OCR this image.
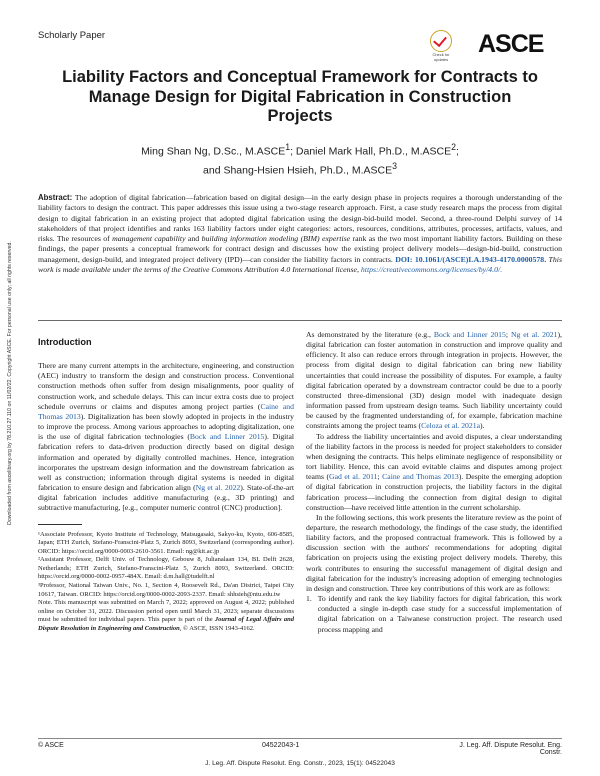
Downloaded from ascelibrary.org by 78.210.27.110 on 11/02/22. Copyright ASCE. For personal use only; all rights reserved.
Scholarly Paper
Check for
updates
ASCE
Liability Factors and Conceptual Framework for Contracts to Manage Design for Digital Fabrication in Construction Projects
Ming Shan Ng, D.Sc., M.ASCE$^1$; Daniel Mark Hall, Ph.D., M.ASCE$^2$;
and Shang-Hsien Hsieh, Ph.D., M.ASCE$^3$
Abstract: The adoption of digital fabrication—fabrication based on digital design—in the early design phase in projects requires a thorough understanding of the liability factors to design the contract. This paper addresses this issue using a two-stage research approach. First, a case study research maps the process from digital design to digital fabrication in an existing project that adopted digital fabrication using the design-bid-build model. Second, a three-round Delphi survey of 14 stakeholders of that project identifies and ranks 163 liability factors under eight categories: actors, resources, conditions, attributes, processes, artifacts, values, and risks. The resources of management capability and building information modeling (BIM) expertise rank as the two most important liability factors. Building on these findings, the paper presents a conceptual framework for contract design and discusses how the existing project delivery models—design-bid-build, construction management, design-build, and integrated project delivery (IPD)—can consider the liability factors in contracts. DOI: 10.1061/(ASCE)LA.1943-4170.0000578. This work is made available under the terms of the Creative Commons Attribution 4.0 International license, https://creativecommons.org/licenses/by/4.0/.
Introduction

There are many current attempts in the architecture, engineering, and construction (AEC) industry to transform the design and construction process. Conventional construction methods often suffer from design misalignments, poor quality of construction work, and schedule delays. This can incur extra costs due to project schedule overruns or claims and disputes among project parties (Caine and Thomas 2013). Digitalization has been slowly adopted in projects in the industry to improve the process. Among various approaches to adopting digitalization, one is the use of digital fabrication technologies (Bock and Linner 2015). Digital fabrication refers to data-driven production directly based on digital design information and operated by digitally controlled machines. Hence, integration incorporates the upstream design information and the downstream fabrication as well as construction; information through digital systems is needed in digital fabrication to ensure design and fabrication align (Ng et al. 2022). State-of-the-art digital fabrication includes additive manufacturing (e.g., 3D printing) and subtractive manufacturing, [e.g., computer numeric control (CNC) production].

¹Associate Professor, Kyoto Institute of Technology, Matsugasaki, Sakyo-ku, Kyoto, 606-8585, Japan; ETH Zurich, Stefano-Franscini-Platz 5, Zurich 8093, Switzerland (corresponding author). ORCID: https://orcid.org/0000-0003-2610-3561. Email: ng@kit.ac.jp

²Assistant Professor, Delft Univ. of Technology, Gebouw 8, Julianalaan 134, BL Delft 2628, Netherlands; ETH Zurich, Stefano-Franscini-Platz 5, Zurich 8093, Switzerland. ORCID: https://orcid.org/0000-0002-0957-484X. Email: d.m.hall@tudelft.nl

³Professor, National Taiwan Univ., No. 1, Section 4, Roosevelt Rd., Da'an District, Taipei City 10617, Taiwan. ORCID: https://orcid.org/0000-0002-2093-2337. Email: shhsieh@ntu.edu.tw

Note. This manuscript was submitted on March 7, 2022; approved on August 4, 2022; published online on October 31, 2022. Discussion period open until March 31, 2023; separate discussions must be submitted for individual papers. This paper is part of the Journal of Legal Affairs and Dispute Resolution in Engineering and Construction, © ASCE, ISSN 1943-4162.

As demonstrated by the literature (e.g., Bock and Linner 2015; Ng et al. 2021), digital fabrication can foster automation in construction and improve quality and efficiency. It also can reduce errors through integration in projects. However, the process from digital design to digital fabrication can bring new liability uncertainties that could increase the possibility of disputes. For example, a faulty digital fabrication operated by a downstream contractor could be due to a poorly constructed three-dimensional (3D) design model with inadequate design information passed from upstream design teams. Such liability uncertainty could be caused by the fragmented understanding of, for example, fabrication machine constraints among the project teams (Celoza et al. 2021a).

To address the liability uncertainties and avoid disputes, a clear understanding of the liability factors in the process is needed for project stakeholders to consider when designing the contracts. This helps eliminate negligence of responsibility or tort liability. Hence, this can avoid evitable claims and disputes among project teams (Gad et al. 2011; Caine and Thomas 2013). Despite the emerging adoption of digital fabrication in construction projects, the liability factors in the digital fabrication process—including the connection from digital design to digital construction—have received little attention in the current scholarship.

In the following sections, this work presents the literature review as the point of departure, the research methodology, the findings of the case study, the identified liability factors, and the proposed contractual framework. This is followed by a discussion section with the authors' recommendations for adopting digital fabrication on projects using the existing project delivery models. Thereby, this work contributes to ensuring the successful management of digital design and digital fabrication for the industry's increasing adoption of emerging technologies in design and construction. Three key contributions of this work are as follows:

1. To identify and rank the key liability factors for digital fabrication, this work conducted a single in-depth case study for a successful implementation of digital fabrication on a Taiwanese construction project. The research used process mapping and
© ASCE	04522043-1	J. Leg. Aff. Dispute Resolut. Eng. Constr.
J. Leg. Aff. Dispute Resolut. Eng. Constr., 2023, 15(1): 04522043
